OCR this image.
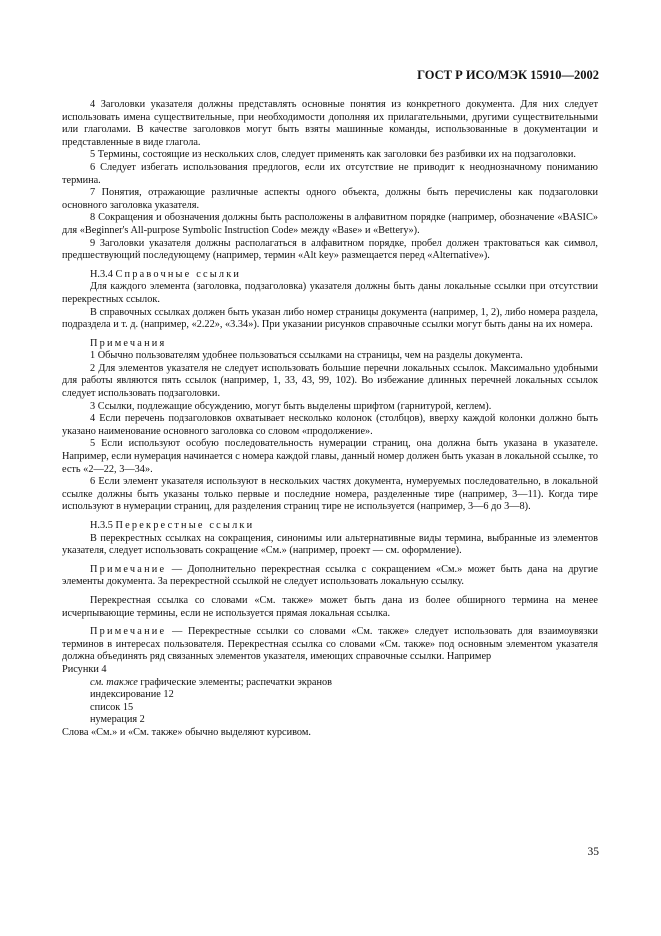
ГОСТ Р ИСО/МЭК 15910—2002

4 Заголовки указателя должны представлять основные понятия из конкретного документа. Для них следует использовать имена существительные, при необходимости дополняя их прилагательными, другими существительными или глаголами. В качестве заголовков могут быть взяты машинные команды, использованные в документации и представленные в виде глагола.

5 Термины, состоящие из нескольких слов, следует применять как заголовки без разбивки их на подзаголовки.

6 Следует избегать использования предлогов, если их отсутствие не приводит к неоднозначному пониманию термина.

7 Понятия, отражающие различные аспекты одного объекта, должны быть перечислены как подзаголовки основного заголовка указателя.

8 Сокращения и обозначения должны быть расположены в алфавитном порядке (например, обозначение «BASIC» для «Beginner's All-purpose Symbolic Instruction Code» между «Base» и «Bettery»).

9 Заголовки указателя должны располагаться в алфавитном порядке, пробел должен трактоваться как символ, предшествующий последующему (например, термин «Alt key» размещается перед «Alternative»).

Н.3.4 Справочные ссылки

Для каждого элемента (заголовка, подзаголовка) указателя должны быть даны локальные ссылки при отсутствии перекрестных ссылок.

В справочных ссылках должен быть указан либо номер страницы документа (например, 1, 2), либо номера раздела, подраздела и т. д. (например, «2.22», «3.34»). При указании рисунков справочные ссылки могут быть даны на их номера.

Примечания

1 Обычно пользователям удобнее пользоваться ссылками на страницы, чем на разделы документа.

2 Для элементов указателя не следует использовать большие перечни локальных ссылок. Максимально удобными для работы являются пять ссылок (например, 1, 33, 43, 99, 102). Во избежание длинных перечней локальных ссылок следует использовать подзаголовки.

3 Ссылки, подлежащие обсуждению, могут быть выделены шрифтом (гарнитурой, кеглем).

4 Если перечень подзаголовков охватывает несколько колонок (столбцов), вверху каждой колонки должно быть указано наименование основного заголовка со словом «продолжение».

5 Если используют особую последовательность нумерации страниц, она должна быть указана в указателе. Например, если нумерация начинается с номера каждой главы, данный номер должен быть указан в локальной ссылке, то есть «2—22, 3—34».

6 Если элемент указателя используют в нескольких частях документа, нумеруемых последовательно, в локальной ссылке должны быть указаны только первые и последние номера, разделенные тире (например, 3—11). Когда тире используют в нумерации страниц, для разделения страниц тире не используется (например, 3—6 до 3—8).

Н.3.5 Перекрестные ссылки

В перекрестных ссылках на сокращения, синонимы или альтернативные виды термина, выбранные из элементов указателя, следует использовать сокращение «См.» (например, проект — см. оформление).

Примечание — Дополнительно перекрестная ссылка с сокращением «См.» может быть дана на другие элементы документа. За перекрестной ссылкой не следует использовать локальную ссылку.

Перекрестная ссылка со словами «См. также» может быть дана из более обширного термина на менее исчерпывающие термины, если не используется прямая локальная ссылка.

Примечание — Перекрестные ссылки со словами «См. также» следует использовать для взаимоувязки терминов в интересах пользователя. Перекрестная ссылка со словами «См. также» под основным элементом указателя должна объединять ряд связанных элементов указателя, имеющих справочные ссылки. Например

Рисунки 4

см. также графические элементы; распечатки экранов

индексирование 12

список 15

нумерация 2

Слова «См.» и «См. также» обычно выделяют курсивом.

35
